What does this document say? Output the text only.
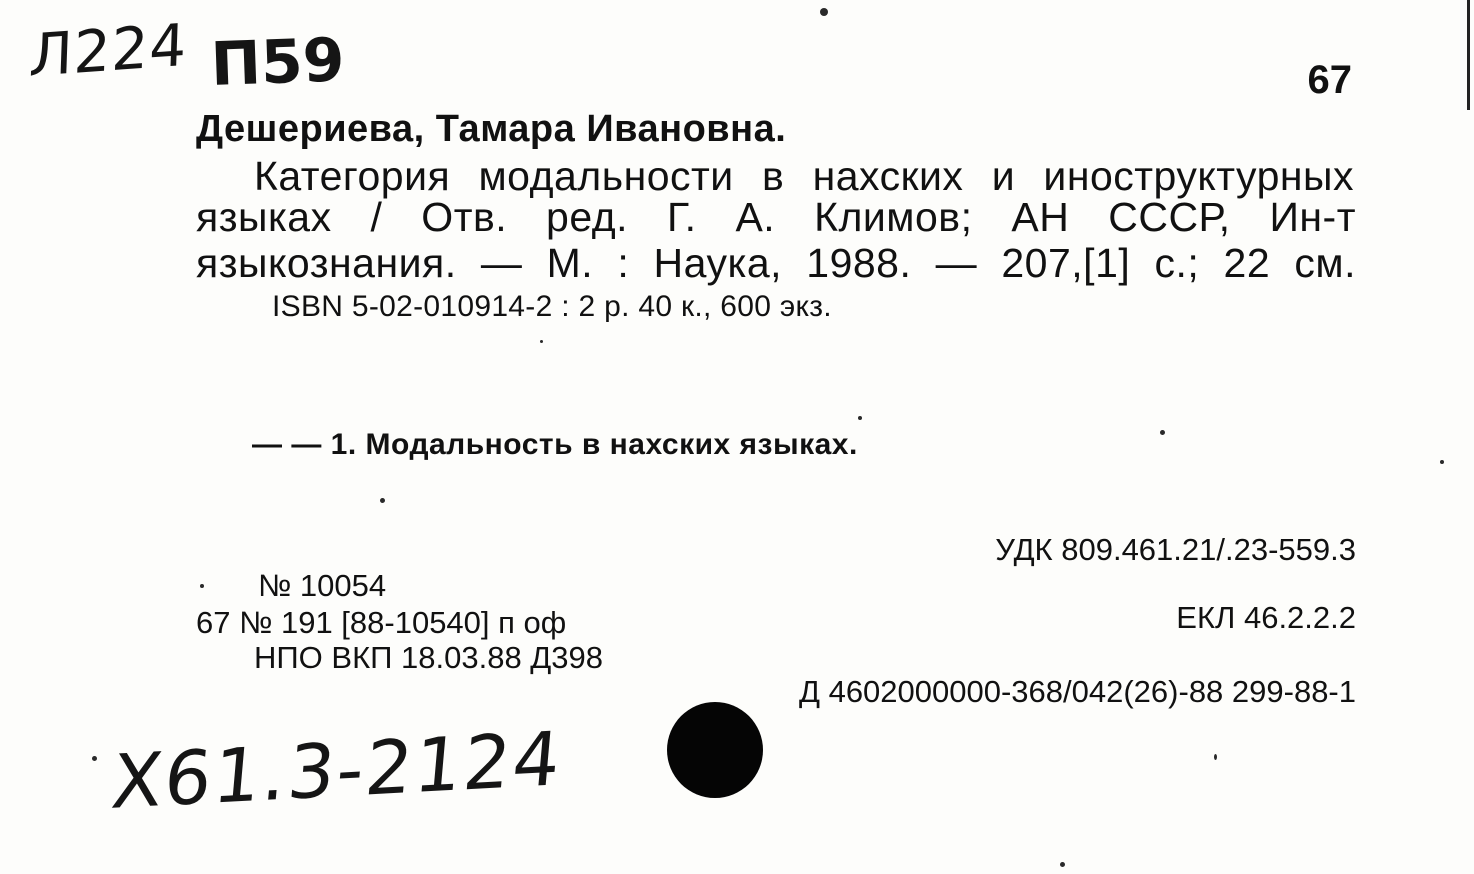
Л224 П59	67
Дешериева, Тамара Ивановна.
Категория модальности в нахских и иноструктурных
языках / Отв. ред. Г. А. Климов; АН СССР, Ин-т
языкознания. — М. : Наука, 1988. — 207,[1] с.; 22 см.
ISBN 5-02-010914-2 : 2 р. 40 к., 600 экз.
— — 1. Модальность в нахских языках.
УДК 809.461.21/.23-559.3
№ 10054
67 № 191 [88-10540] п оф	ЕКЛ 46.2.2.2
НПО ВКП 18.03.88 Д398
Д 4602000000-368/042(26)-88 299-88-1
Х61.3-2124
